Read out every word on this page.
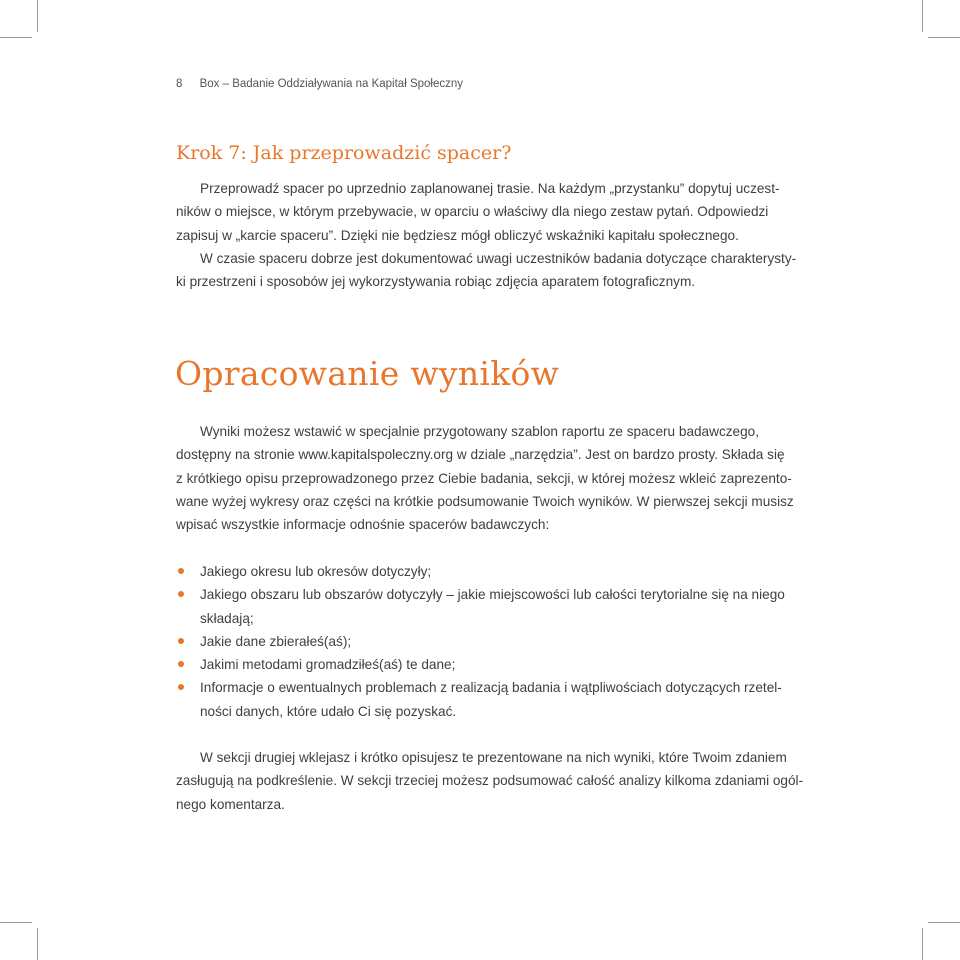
8 Box – Badanie Oddziaływania na Kapitał Społeczny
Krok 7: Jak przeprowadzić spacer?

Przeprowadź spacer po uprzednio zaplanowanej trasie. Na każdym „przystanku” dopytuj uczest-
ników o miejsce, w którym przebywacie, w oparciu o właściwy dla niego zestaw pytań. Odpowiedzi
zapisuj w „karcie spaceru”. Dzięki nie będziesz mógł obliczyć wskaźniki kapitału społecznego.
W czasie spaceru dobrze jest dokumentować uwagi uczestników badania dotyczące charakterysty-
ki przestrzeni i sposobów jej wykorzystywania robiąc zdjęcia aparatem fotograficznym.

Opracowanie wyników

Wyniki możesz wstawić w specjalnie przygotowany szablon raportu ze spaceru badawczego,
dostępny na stronie www.kapitalspoleczny.org w dziale „narzędzia”. Jest on bardzo prosty. Składa się
z krótkiego opisu przeprowadzonego przez Ciebie badania, sekcji, w której możesz wkleić zaprezento-
wane wyżej wykresy oraz części na krótkie podsumowanie Twoich wyników. W pierwszej sekcji musisz
wpisać wszystkie informacje odnośnie spacerów badawczych:

Jakiego okresu lub okresów dotyczyły;
Jakiego obszaru lub obszarów dotyczyły – jakie miejscowości lub całości terytorialne się na niego
składają;
Jakie dane zbierałeś(aś);
Jakimi metodami gromadziłeś(aś) te dane;
Informacje o ewentualnych problemach z realizacją badania i wątpliwościach dotyczących rzetel-
ności danych, które udało Ci się pozyskać.

W sekcji drugiej wklejasz i krótko opisujesz te prezentowane na nich wyniki, które Twoim zdaniem
zasługują na podkreślenie. W sekcji trzeciej możesz podsumować całość analizy kilkoma zdaniami ogól-
nego komentarza.
